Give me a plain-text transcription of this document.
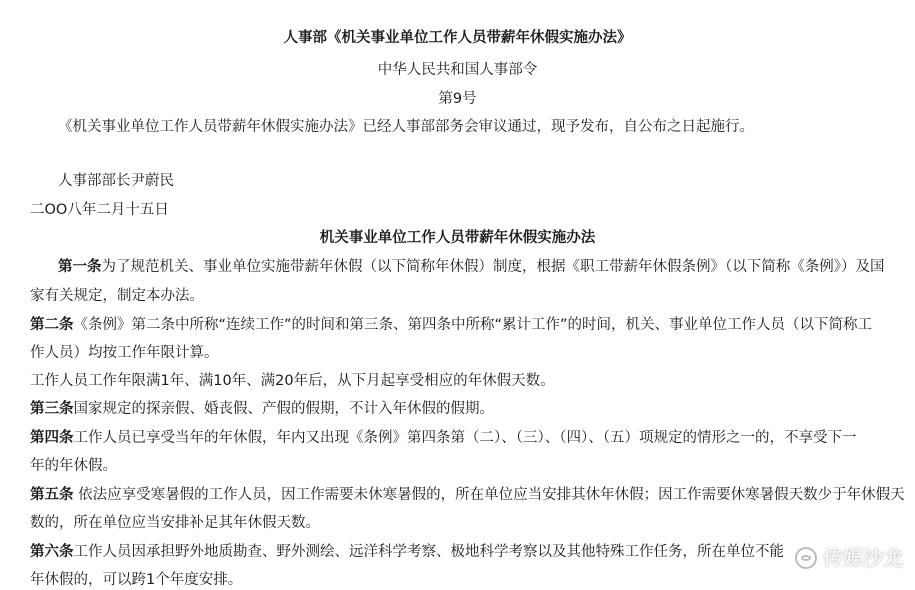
人事部《机关事业单位工作人员带薪年休假实施办法》
中华人民共和国人事部令
第9号
《机关事业单位工作人员带薪年休假实施办法》已经人事部部务会审议通过，现予发布，自公布之日起施行。
人事部部长尹蔚民
二OO八年二月十五日
机关事业单位工作人员带薪年休假实施办法
第一条为了规范机关、事业单位实施带薪年休假（以下简称年休假）制度，根据《职工带薪年休假条例》（以下简称《条例》）及国
家有关规定，制定本办法。
第二条《条例》第二条中所称“连续工作”的时间和第三条、第四条中所称“累计工作”的时间，机关、事业单位工作人员（以下简称工
作人员）均按工作年限计算。
工作人员工作年限满1年、满10年、满20年后，从下月起享受相应的年休假天数。
第三条国家规定的探亲假、婚丧假、产假的假期，不计入年休假的假期。
第四条工作人员已享受当年的年休假，年内又出现《条例》第四条第（二）、（三）、（四）、（五）项规定的情形之一的，不享受下一
年的年休假。
第五条 依法应享受寒暑假的工作人员，因工作需要未休寒暑假的，所在单位应当安排其休年休假；因工作需要休寒暑假天数少于年休假天
数的，所在单位应当安排补足其年休假天数。
第六条工作人员因承担野外地质勘查、野外测绘、远洋科学考察、极地科学考察以及其他特殊工作任务，所在单位不能
年休假的，可以跨1个年度安排。
传媒沙龙
